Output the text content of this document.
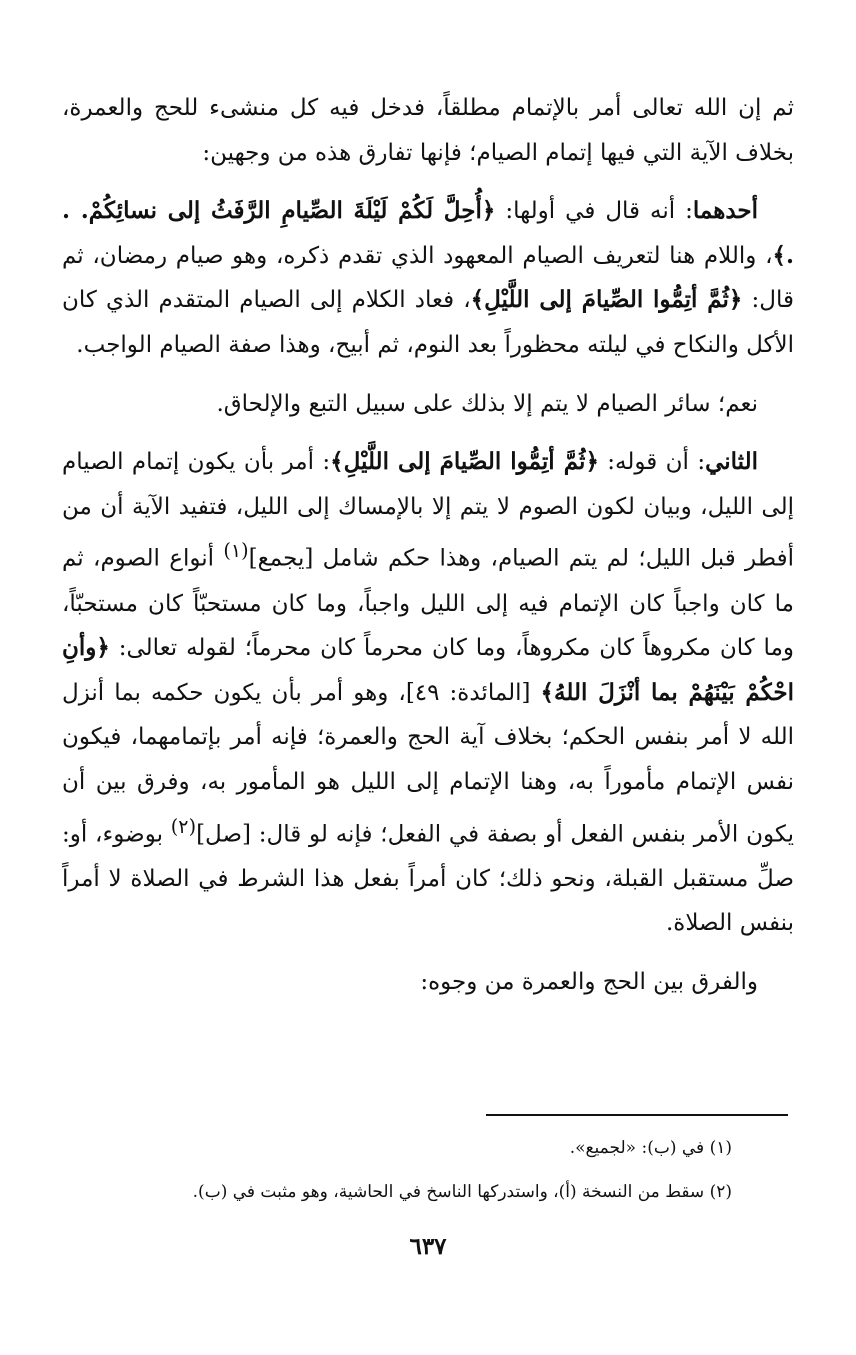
ثم إن الله تعالى أمر بالإتمام مطلقاً، فدخل فيه كل منشىء للحج والعمرة، بخلاف الآية التي فيها إتمام الصيام؛ فإنها تفارق هذه من وجهين:

أحدهما: أنه قال في أولها: ﴿أُحِلَّ لَكُمْ لَيْلَةَ الصِّيامِ الرَّفَثُ إلى نسائِكُمْ. . .﴾، واللام هنا لتعريف الصيام المعهود الذي تقدم ذكره، وهو صيام رمضان، ثم قال: ﴿ثُمَّ أتِمُّوا الصِّيامَ إلى اللَّيْلِ﴾، فعاد الكلام إلى الصيام المتقدم الذي كان الأكل والنكاح في ليلته محظوراً بعد النوم، ثم أبيح، وهذا صفة الصيام الواجب.

نعم؛ سائر الصيام لا يتم إلا بذلك على سبيل التبع والإلحاق.

الثاني: أن قوله: ﴿ثُمَّ أتِمُّوا الصِّيامَ إلى اللَّيْلِ﴾: أمر بأن يكون إتمام الصيام إلى الليل، وبيان لكون الصوم لا يتم إلا بالإمساك إلى الليل، فتفيد الآية أن من أفطر قبل الليل؛ لم يتم الصيام، وهذا حكم شامل [يجمع]$^{(١)}$ أنواع الصوم، ثم ما كان واجباً كان الإتمام فيه إلى الليل واجباً، وما كان مستحبّاً كان مستحبّاً، وما كان مكروهاً كان مكروهاً، وما كان محرماً كان محرماً؛ لقوله تعالى: ﴿وأنِ احْكُمْ بَيْنَهُمْ بما أنْزَلَ اللهُ﴾ [المائدة: ٤٩]، وهو أمر بأن يكون حكمه بما أنزل الله لا أمر بنفس الحكم؛ بخلاف آية الحج والعمرة؛ فإنه أمر بإتمامهما، فيكون نفس الإتمام مأموراً به، وهنا الإتمام إلى الليل هو المأمور به، وفرق بين أن يكون الأمر بنفس الفعل أو بصفة في الفعل؛ فإنه لو قال: [صل]$^{(٢)}$ بوضوء، أو: صلِّ مستقبل القبلة، ونحو ذلك؛ كان أمراً بفعل هذا الشرط في الصلاة لا أمراً بنفس الصلاة.

والفرق بين الحج والعمرة من وجوه:

(١) في (ب): «لجميع».

(٢) سقط من النسخة (أ)، واستدركها الناسخ في الحاشية، وهو مثبت في (ب).

٦٣٧
